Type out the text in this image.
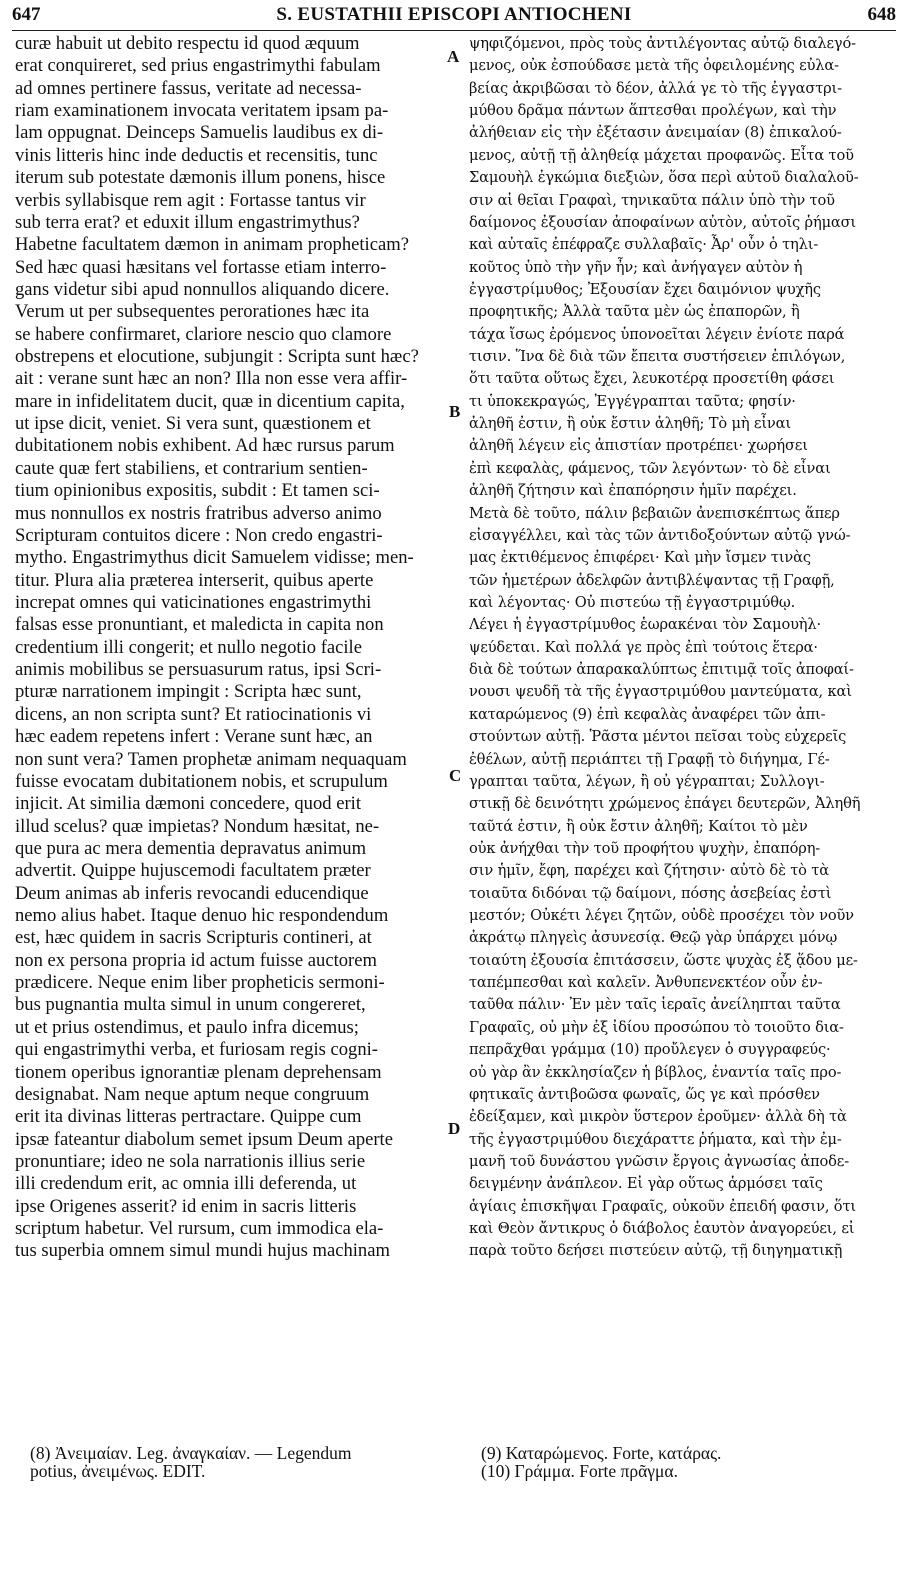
647	S. EUSTATHII EPISCOPI ANTIOCHENI	648
curæ habuit ut debito respectu id quod æquum
erat conquireret, sed prius engastrimythi fabulam
ad omnes pertinere fassus, veritate ad necessa-
riam examinationem invocata veritatem ipsam pa-
lam oppugnat. Deinceps Samuelis laudibus ex di-
vinis litteris hinc inde deductis et recensitis, tunc
iterum sub potestate dæmonis illum ponens, hisce
verbis syllabisque rem agit : Fortasse tantus vir
sub terra erat? et eduxit illum engastrimythus?
Habetne facultatem dæmon in animam propheticam?
Sed hæc quasi hæsitans vel fortasse etiam interro-
gans videtur sibi apud nonnullos aliquando dicere.
Verum ut per subsequentes perorationes hæc ita
se habere confirmaret, clariore nescio quo clamore
obstrepens et elocutione, subjungit : Scripta sunt hæc?
ait : verane sunt hæc an non? Illa non esse vera affir-
mare in infidelitatem ducit, quæ in dicentium capita,
ut ipse dicit, veniet. Si vera sunt, quæstionem et
dubitationem nobis exhibent. Ad hæc rursus parum
caute quæ fert stabiliens, et contrarium sentien-
tium opinionibus expositis, subdit : Et tamen sci-
mus nonnullos ex nostris fratribus adverso animo
Scripturam contuitos dicere : Non credo engastri-
mytho. Engastrimythus dicit Samuelem vidisse; men-
titur. Plura alia præterea interserit, quibus aperte
increpat omnes qui vaticinationes engastrimythi
falsas esse pronuntiant, et maledicta in capita non
credentium illi congerit; et nullo negotio facile
animis mobilibus se persuasurum ratus, ipsi Scri-
pturæ narrationem impingit : Scripta hæc sunt,
dicens, an non scripta sunt? Et ratiocinationis vi
hæc eadem repetens infert : Verane sunt hæc, an
non sunt vera? Tamen prophetæ animam nequaquam
fuisse evocatam dubitationem nobis, et scrupulum
injicit. At similia dæmoni concedere, quod erit
illud scelus? quæ impietas? Nondum hæsitat, ne-
que pura ac mera dementia depravatus animum
advertit. Quippe hujuscemodi facultatem præter
Deum animas ab inferis revocandi educendique
nemo alius habet. Itaque denuo hic respondendum
est, hæc quidem in sacris Scripturis contineri, at
non ex persona propria id actum fuisse auctorem
prædicere. Neque enim liber propheticis sermoni-
bus pugnantia multa simul in unum congereret,
ut et prius ostendimus, et paulo infra dicemus;
qui engastrimythi verba, et furiosam regis cogni-
tionem operibus ignorantiæ plenam deprehensam
designabat. Nam neque aptum neque congruum
erit ita divinas litteras pertractare. Quippe cum
ipsæ fateantur diabolum semet ipsum Deum aperte
pronuntiare; ideo ne sola narrationis illius serie
illi credendum erit, ac omnia illi deferenda, ut
ipse Origenes asserit? id enim in sacris litteris
scriptum habetur. Vel rursum, cum immodica ela-
tus superbia omnem simul mundi hujus machinam
ψηφιζόμενοι, πρὸς τοὺς ἀντιλέγοντας αὐτῷ διαλεγό-
μενος, οὐκ ἐσπούδασε μετὰ τῆς ὀφειλομένης εὐλα-
βείας ἀκριβῶσαι τὸ δέον, ἀλλά γε τὸ τῆς ἐγγαστρι-
μύθου δρᾶμα πάντων ἅπτεσθαι προλέγων, καὶ τὴν
ἀλήθειαν εἰς τὴν ἐξέτασιν ἀνειμαίαν (8) ἐπικαλού-
μενος, αὐτῇ τῇ ἀληθείᾳ μάχεται προφανῶς. Εἶτα τοῦ
Σαμουὴλ ἐγκώμια διεξιὼν, ὅσα περὶ αὐτοῦ διαλαλοῦ-
σιν αἱ θεῖαι Γραφαὶ, τηνικαῦτα πάλιν ὑπὸ τὴν τοῦ
δαίμονος ἐξουσίαν ἀποφαίνων αὐτὸν, αὐτοῖς ῥήμασι
καὶ αὐταῖς ἐπέφραζε συλλαβαῖς· Ἆρ' οὖν ὁ τηλι-
κοῦτος ὑπὸ τὴν γῆν ἦν; καὶ ἀνήγαγεν αὐτὸν ἡ
ἐγγαστρίμυθος; Ἐξουσίαν ἔχει δαιμόνιον ψυχῆς
προφητικῆς; Ἀλλὰ ταῦτα μὲν ὡς ἐπαπορῶν, ἢ
τάχα ἴσως ἐρόμενος ὑπονοεῖται λέγειν ἐνίοτε παρά
τισιν. Ἵνα δὲ διὰ τῶν ἔπειτα συστήσειεν ἐπιλόγων,
ὅτι ταῦτα οὕτως ἔχει, λευκοτέρᾳ προσετίθη φάσει
τι ὑποκεκραγώς, Ἐγγέγραπται ταῦτα; φησίν·
ἀληθῆ ἐστιν, ἢ οὐκ ἔστιν ἀληθῆ; Τὸ μὴ εἶναι
ἀληθῆ λέγειν εἰς ἀπιστίαν προτρέπει· χωρήσει
ἐπὶ κεφαλὰς, φάμενος, τῶν λεγόντων· τὸ δὲ εἶναι
ἀληθῆ ζήτησιν καὶ ἐπαπόρησιν ἡμῖν παρέχει.
Μετὰ δὲ τοῦτο, πάλιν βεβαιῶν ἀνεπισκέπτως ἅπερ
εἰσαγγέλλει, καὶ τὰς τῶν ἀντιδοξούντων αὐτῷ γνώ-
μας ἐκτιθέμενος ἐπιφέρει· Καὶ μὴν ἴσμεν τινὰς
τῶν ἡμετέρων ἀδελφῶν ἀντιβλέψαντας τῇ Γραφῇ,
καὶ λέγοντας· Οὐ πιστεύω τῇ ἐγγαστριμύθῳ.
Λέγει ἡ ἐγγαστρίμυθος ἑωρακέναι τὸν Σαμουὴλ·
ψεύδεται. Καὶ πολλά γε πρὸς ἐπὶ τούτοις ἕτερα·
διὰ δὲ τούτων ἀπαρακαλύπτως ἐπιτιμᾷ τοῖς ἀποφαί-
νουσι ψευδῆ τὰ τῆς ἐγγαστριμύθου μαντεύματα, καὶ
καταρώμενος (9) ἐπὶ κεφαλὰς ἀναφέρει τῶν ἀπι-
στούντων αὐτῇ. Ῥᾶστα μέντοι πεῖσαι τοὺς εὐχερεῖς
ἐθέλων, αὐτῇ περιάπτει τῇ Γραφῇ τὸ διήγημα, Γέ-
γραπται ταῦτα, λέγων, ἢ οὐ γέγραπται; Συλλογι-
στικῇ δὲ δεινότητι χρώμενος ἐπάγει δευτερῶν, Ἀληθῆ
ταῦτά ἐστιν, ἢ οὐκ ἔστιν ἀληθῆ; Καίτοι τὸ μὲν
οὐκ ἀνήχθαι τὴν τοῦ προφήτου ψυχὴν, ἐπαπόρη-
σιν ἡμῖν, ἔφη, παρέχει καὶ ζήτησιν· αὐτὸ δὲ τὸ τὰ
τοιαῦτα διδόναι τῷ δαίμονι, πόσης ἀσεβείας ἐστὶ
μεστόν; Οὐκέτι λέγει ζητῶν, οὐδὲ προσέχει τὸν νοῦν
ἀκράτῳ πληγεὶς ἀσυνεσίᾳ. Θεῷ γὰρ ὑπάρχει μόνῳ
τοιαύτη ἐξουσία ἐπιτάσσειν, ὥστε ψυχὰς ἐξ ᾅδου με-
ταπέμπεσθαι καὶ καλεῖν. Ἀνθυπενεκτέον οὖν ἐν-
ταῦθα πάλιν· Ἐν μὲν ταῖς ἱεραῖς ἀνείληπται ταῦτα
Γραφαῖς, οὐ μὴν ἐξ ἰδίου προσώπου τὸ τοιοῦτο δια-
πεπρᾶχθαι γράμμα (10) προὔλεγεν ὁ συγγραφεύς·
οὐ γὰρ ἂν ἐκκλησίαζεν ἡ βίβλος, ἐναντία ταῖς προ-
φητικαῖς ἀντιβοῶσα φωναῖς, ὥς γε καὶ πρόσθεν
ἐδείξαμεν, καὶ μικρὸν ὕστερον ἐροῦμεν· ἀλλὰ δὴ τὰ
τῆς ἐγγαστριμύθου διεχάραττε ῥήματα, καὶ τὴν ἐμ-
μανῆ τοῦ δυνάστου γνῶσιν ἔργοις ἀγνωσίας ἀποδε-
δειγμένην ἀνάπλεον. Εἰ γὰρ οὕτως ἁρμόσει ταῖς
ἁγίαις ἐπισκῆψαι Γραφαῖς, οὐκοῦν ἐπειδή φασιν, ὅτι
καὶ Θεὸν ἄντικρυς ὁ διάβολος ἑαυτὸν ἀναγορεύει, εἰ
παρὰ τοῦτο δεήσει πιστεύειν αὐτῷ, τῇ διηγηματικῇ
A
B
C
D
(8) Ἀνειμαίαν. Leg. ἀναγκαίαν. — Legendum
potius, ἀνειμένως. EDIT.
(9) Καταρώμενος. Forte, κατάρας.
(10) Γράμμα. Forte πρᾶγμα.
